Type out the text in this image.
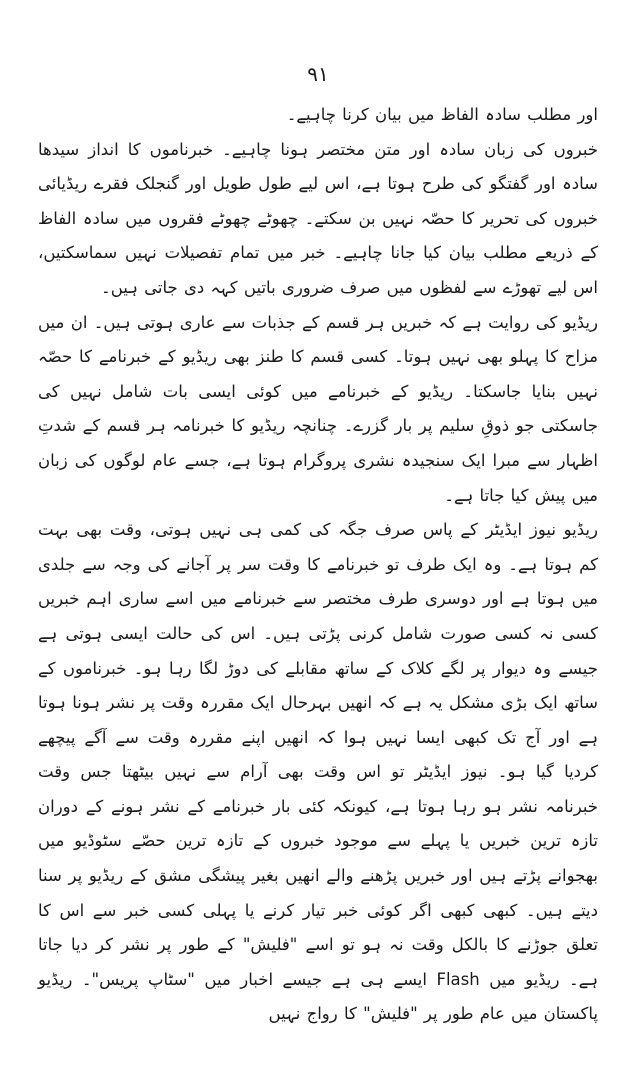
۹۱

اور مطلب سادہ الفاظ میں بیان کرنا چاہیے۔

خبروں کی زبان سادہ اور متن مختصر ہونا چاہیے۔ خبرناموں کا انداز سیدھا سادہ اور گفتگو کی طرح ہوتا ہے، اس لیے طول طویل اور گنجلک فقرے ریڈیائی خبروں کی تحریر کا حصّہ نہیں بن سکتے۔ چھوٹے چھوٹے فقروں میں سادہ الفاظ کے ذریعے مطلب بیان کیا جانا چاہیے۔ خبر میں تمام تفصیلات نہیں سماسکتیں، اس لیے تھوڑے سے لفظوں میں صرف ضروری باتیں کہہ دی جاتی ہیں۔

ریڈیو کی روایت ہے کہ خبریں ہر قسم کے جذبات سے عاری ہوتی ہیں۔ ان میں مزاح کا پہلو بھی نہیں ہوتا۔ کسی قسم کا طنز بھی ریڈیو کے خبرنامے کا حصّہ نہیں بنایا جاسکتا۔ ریڈیو کے خبرنامے میں کوئی ایسی بات شامل نہیں کی جاسکتی جو ذوقِ سلیم پر بار گزرے۔ چنانچہ ریڈیو کا خبرنامہ ہر قسم کے شدتِ اظہار سے مبرا ایک سنجیدہ نشری پروگرام ہوتا ہے، جسے عام لوگوں کی زبان میں پیش کیا جاتا ہے۔

ریڈیو نیوز ایڈیٹر کے پاس صرف جگہ کی کمی ہی نہیں ہوتی، وقت بھی بہت کم ہوتا ہے۔ وہ ایک طرف تو خبرنامے کا وقت سر پر آجانے کی وجہ سے جلدی میں ہوتا ہے اور دوسری طرف مختصر سے خبرنامے میں اسے ساری اہم خبریں کسی نہ کسی صورت شامل کرنی پڑتی ہیں۔ اس کی حالت ایسی ہوتی ہے جیسے وہ دیوار پر لگے کلاک کے ساتھ مقابلے کی دوڑ لگا رہا ہو۔ خبرناموں کے ساتھ ایک بڑی مشکل یہ ہے کہ انھیں بہرحال ایک مقررہ وقت پر نشر ہونا ہوتا ہے اور آج تک کبھی ایسا نہیں ہوا کہ انھیں اپنے مقررہ وقت سے آگے پیچھے کردیا گیا ہو۔ نیوز ایڈیٹر تو اس وقت بھی آرام سے نہیں بیٹھتا جس وقت خبرنامہ نشر ہو رہا ہوتا ہے، کیونکہ کئی بار خبرنامے کے نشر ہونے کے دوران تازہ ترین خبریں یا پہلے سے موجود خبروں کے تازہ ترین حصّے سٹوڈیو میں بھجوانے پڑتے ہیں اور خبریں پڑھنے والے انھیں بغیر پیشگی مشق کے ریڈیو پر سنا دیتے ہیں۔ کبھی کبھی اگر کوئی خبر تیار کرنے یا پہلی کسی خبر سے اس کا تعلق جوڑنے کا بالکل وقت نہ ہو تو اسے "فلیش" کے طور پر نشر کر دیا جاتا ہے۔ ریڈیو میں Flash ایسے ہی ہے جیسے اخبار میں "سٹاپ پریس"۔ ریڈیو پاکستان میں عام طور پر "فلیش" کا رواج نہیں
